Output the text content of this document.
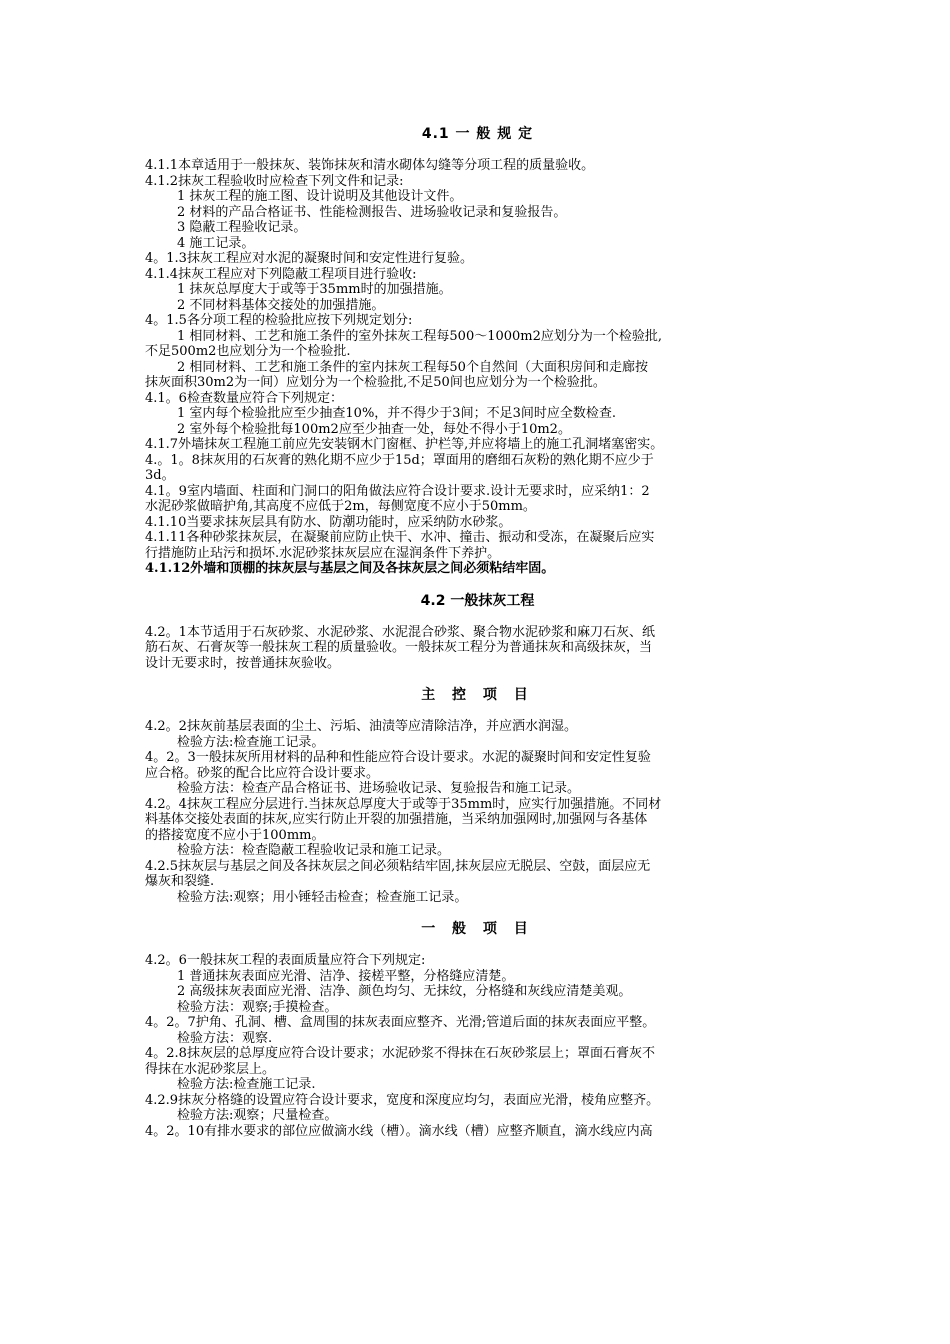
4.1 一 般 规 定
4.1.1本章适用于一般抹灰、装饰抹灰和清水砌体勾缝等分项工程的质量验收。
4.1.2抹灰工程验收时应检查下列文件和记录:
1 抹灰工程的施工图、设计说明及其他设计文件。
2 材料的产品合格证书、性能检测报告、进场验收记录和复验报告。
3 隐蔽工程验收记录。
4 施工记录。
4。1.3抹灰工程应对水泥的凝聚时间和安定性进行复验。
4.1.4抹灰工程应对下列隐蔽工程项目进行验收:
1 抹灰总厚度大于或等于35mm时的加强措施。
2 不同材料基体交接处的加强措施。
4。1.5各分项工程的检验批应按下列规定划分:
1 相同材料、工艺和施工条件的室外抹灰工程每500～1000m2应划分为一个检验批,
不足500m2也应划分为一个检验批.
2 相同材料、工艺和施工条件的室内抹灰工程每50个自然间（大面积房间和走廊按
抹灰面积30m2为一间）应划分为一个检验批,不足50间也应划分为一个检验批。
4.1。6检查数量应符合下列规定：
1 室内每个检验批应至少抽查10%，并不得少于3间；不足3间时应全数检查.
2 室外每个检验批每100m2应至少抽查一处，每处不得小于10m2。
4.1.7外墙抹灰工程施工前应先安装钢木门窗框、护栏等,并应将墙上的施工孔洞堵塞密实。
4.。1。8抹灰用的石灰膏的熟化期不应少于15d；罩面用的磨细石灰粉的熟化期不应少于
3d。
4.1。9室内墙面、柱面和门洞口的阳角做法应符合设计要求.设计无要求时，应采纳1：2
水泥砂浆做暗护角,其高度不应低于2m，每侧宽度不应小于50mm。
4.1.10当要求抹灰层具有防水、防潮功能时，应采纳防水砂浆。
4.1.11各种砂浆抹灰层，在凝聚前应防止快干、水冲、撞击、振动和受冻，在凝聚后应实
行措施防止玷污和损坏.水泥砂浆抹灰层应在湿润条件下养护。
4.1.12外墙和顶棚的抹灰层与基层之间及各抹灰层之间必须粘结牢固。
4.2 一般抹灰工程
4.2。1本节适用于石灰砂浆、水泥砂浆、水泥混合砂浆、聚合物水泥砂浆和麻刀石灰、纸
筋石灰、石膏灰等一般抹灰工程的质量验收。一般抹灰工程分为普通抹灰和高级抹灰，当
设计无要求时，按普通抹灰验收。
主 控 项 目
4.2。2抹灰前基层表面的尘土、污垢、油渍等应清除洁净，并应洒水润湿。
检验方法:检查施工记录。
4。2。3一般抹灰所用材料的品种和性能应符合设计要求。水泥的凝聚时间和安定性复验
应合格。砂浆的配合比应符合设计要求。
检验方法：检查产品合格证书、进场验收记录、复验报告和施工记录。
4.2。4抹灰工程应分层进行.当抹灰总厚度大于或等于35mm时，应实行加强措施。不同材
料基体交接处表面的抹灰,应实行防止开裂的加强措施，当采纳加强网时,加强网与各基体
的搭接宽度不应小于100mm。
检验方法：检查隐蔽工程验收记录和施工记录。
4.2.5抹灰层与基层之间及各抹灰层之间必须粘结牢固,抹灰层应无脱层、空鼓，面层应无
爆灰和裂缝.
检验方法:观察；用小锤轻击检查；检查施工记录。
一 般 项 目
4.2。6一般抹灰工程的表面质量应符合下列规定:
1 普通抹灰表面应光滑、洁净、接槎平整，分格缝应清楚。
2 高级抹灰表面应光滑、洁净、颜色均匀、无抹纹，分格缝和灰线应清楚美观。
检验方法：观察;手摸检查。
4。2。7护角、孔洞、槽、盒周围的抹灰表面应整齐、光滑;管道后面的抹灰表面应平整。
检验方法：观察.
4。2.8抹灰层的总厚度应符合设计要求；水泥砂浆不得抹在石灰砂浆层上；罩面石膏灰不
得抹在水泥砂浆层上。
检验方法:检查施工记录.
4.2.9抹灰分格缝的设置应符合设计要求，宽度和深度应均匀，表面应光滑，棱角应整齐。
检验方法:观察；尺量检查。
4。2。10有排水要求的部位应做滴水线（槽）。滴水线（槽）应整齐顺直，滴水线应内高
